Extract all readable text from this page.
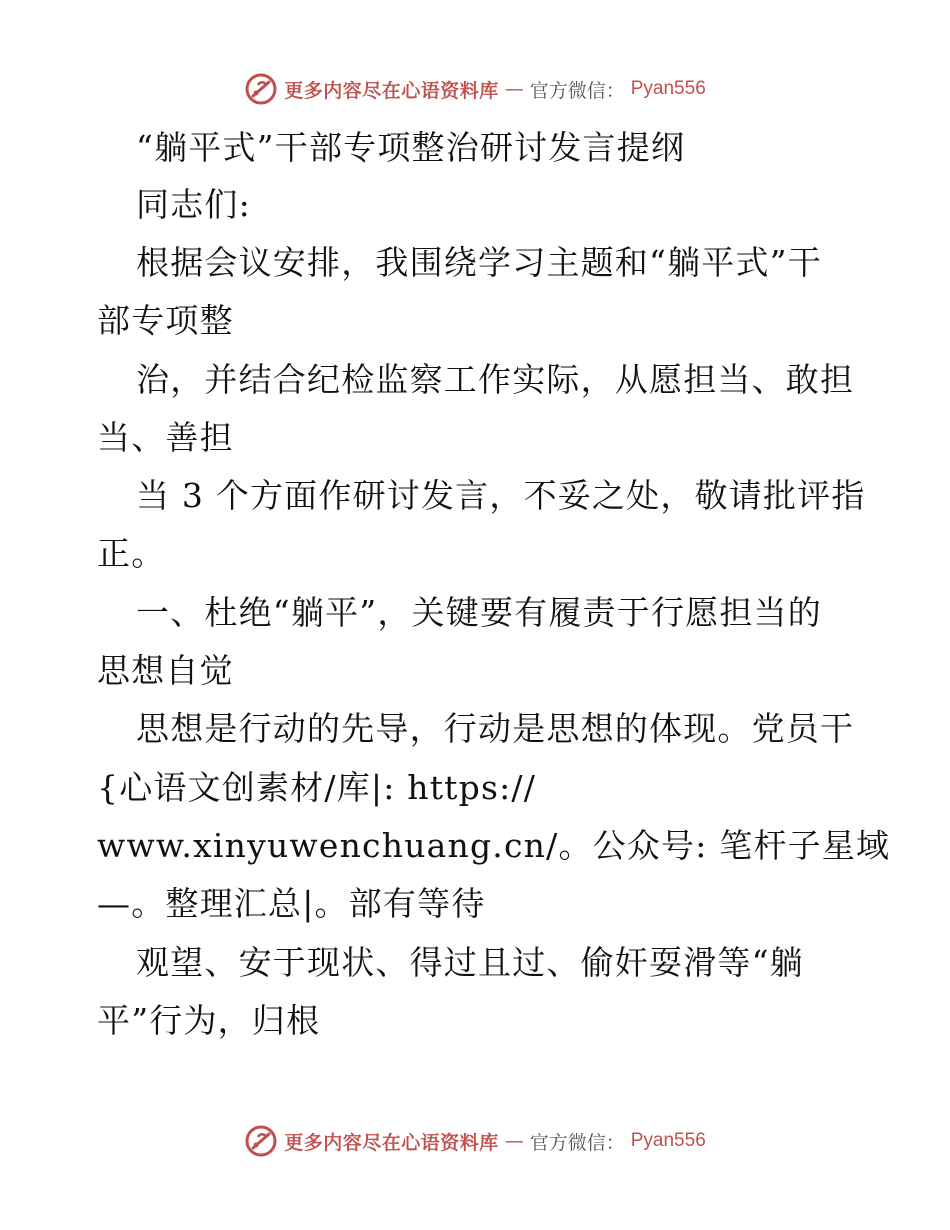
更多内容尽在心语资料库 — 官方微信： Pyan556
“躺平式”干部专项整治研讨发言提纲
同志们:
根据会议安排，我围绕学习主题和“躺平式”干
部专项整
治，并结合纪检监察工作实际，从愿担当、敢担
当、善担
当 3 个方面作研讨发言，不妥之处，敬请批评指
正。
一、杜绝“躺平”，关键要有履责于行愿担当的
思想自觉
思想是行动的先导，行动是思想的体现。党员干
{心语文创素材/库|: https://
www.xinyuwenchuang.cn/。公众号: 笔杆子星域
—。整理汇总|。部有等待
观望、安于现状、得过且过、偷奸耍滑等“躺
平”行为，归根
更多内容尽在心语资料库 — 官方微信： Pyan556
